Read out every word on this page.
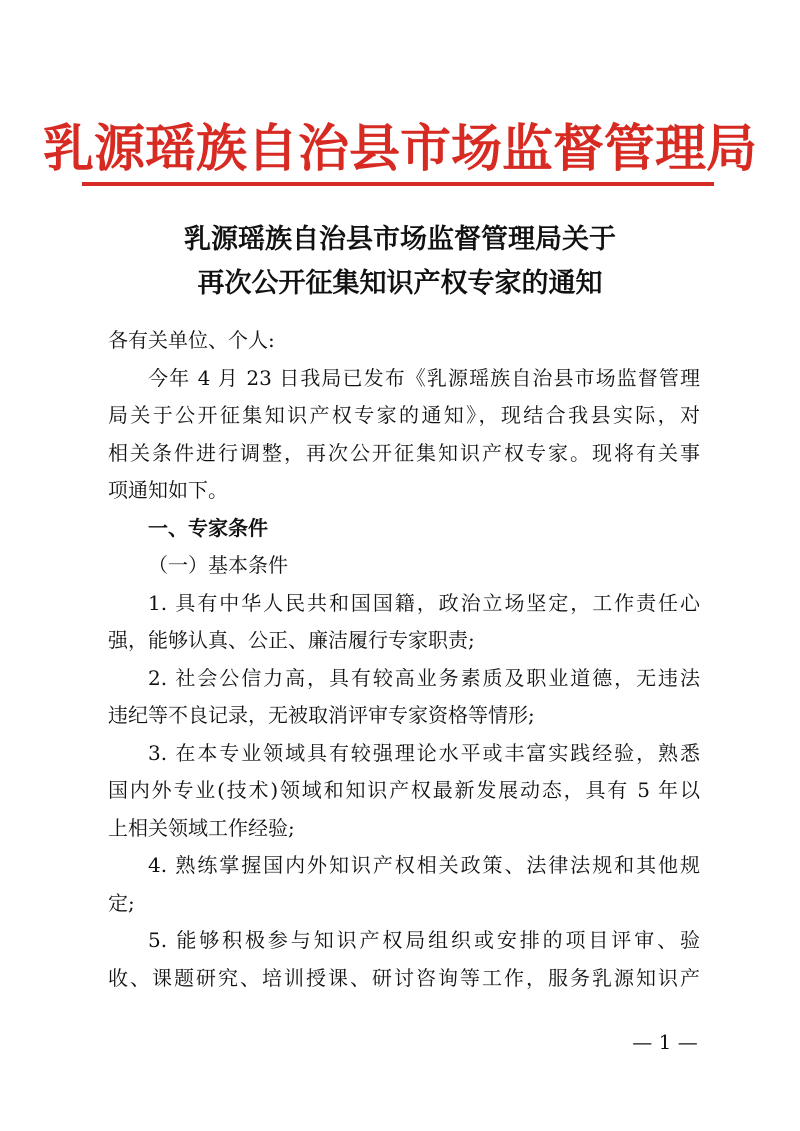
乳源瑶族自治县市场监督管理局
乳源瑶族自治县市场监督管理局关于
再次公开征集知识产权专家的通知

各有关单位、个人:

今年 4 月 23 日我局已发布《乳源瑶族自治县市场监督管理
局关于公开征集知识产权专家的通知》，现结合我县实际，对
相关条件进行调整，再次公开征集知识产权专家。现将有关事
项通知如下。

一、专家条件

（一）基本条件

1. 具有中华人民共和国国籍，政治立场坚定，工作责任心
强，能够认真、公正、廉洁履行专家职责;

2. 社会公信力高，具有较高业务素质及职业道德，无违法
违纪等不良记录，无被取消评审专家资格等情形;

3. 在本专业领域具有较强理论水平或丰富实践经验，熟悉
国内外专业(技术)领域和知识产权最新发展动态，具有 5 年以
上相关领域工作经验;

4. 熟练掌握国内外知识产权相关政策、法律法规和其他规
定;

5. 能够积极参与知识产权局组织或安排的项目评审、验
收、课题研究、培训授课、研讨咨询等工作，服务乳源知识产

— 1 —
